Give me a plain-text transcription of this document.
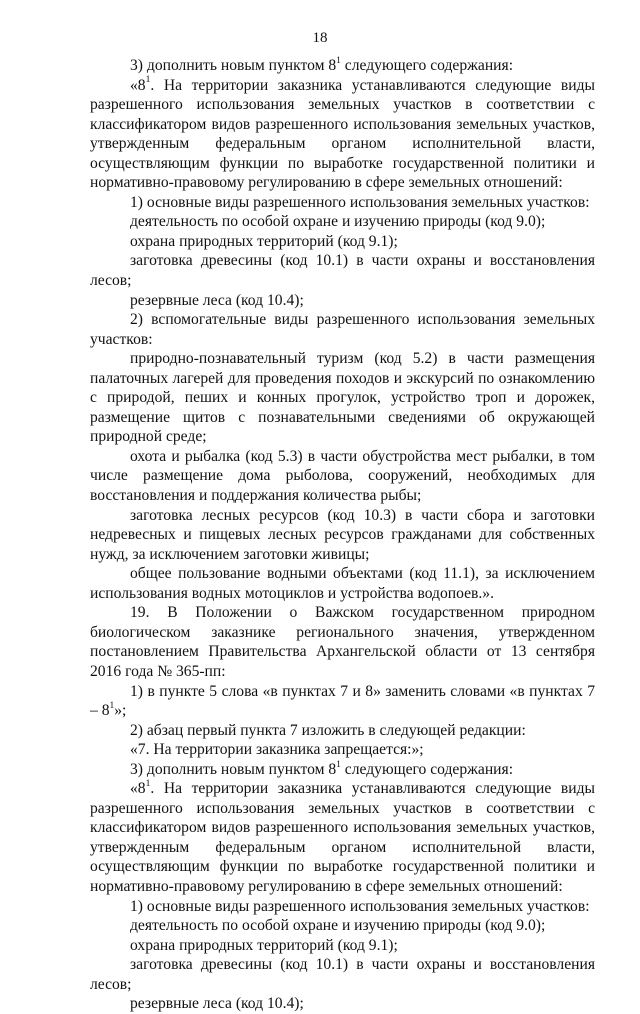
18

3) дополнить новым пунктом $8^1$ следующего содержания:

«$8^1$. На территории заказника устанавливаются следующие виды разрешенного использования земельных участков в соответствии с классификатором видов разрешенного использования земельных участков, утвержденным федеральным органом исполнительной власти, осуществляющим функции по выработке государственной политики и нормативно-правовому регулированию в сфере земельных отношений:

1) основные виды разрешенного использования земельных участков:

деятельность по особой охране и изучению природы (код 9.0);

охрана природных территорий (код 9.1);

заготовка древесины (код 10.1) в части охраны и восстановления лесов;

резервные леса (код 10.4);

2) вспомогательные виды разрешенного использования земельных участков:

природно-познавательный туризм (код 5.2) в части размещения палаточных лагерей для проведения походов и экскурсий по ознакомлению с природой, пеших и конных прогулок, устройство троп и дорожек, размещение щитов с познавательными сведениями об окружающей природной среде;

охота и рыбалка (код 5.3) в части обустройства мест рыбалки, в том числе размещение дома рыболова, сооружений, необходимых для восстановления и поддержания количества рыбы;

заготовка лесных ресурсов (код 10.3) в части сбора и заготовки недревесных и пищевых лесных ресурсов гражданами для собственных нужд, за исключением заготовки живицы;

общее пользование водными объектами (код 11.1), за исключением использования водных мотоциклов и устройства водопоев.».

19. В Положении о Важском государственном природном биологическом заказнике регионального значения, утвержденном постановлением Правительства Архангельской области от 13 сентября 2016 года № 365-пп:

1) в пункте 5 слова «в пунктах 7 и 8» заменить словами «в пунктах $7 - 8^1$»;

2) абзац первый пункта 7 изложить в следующей редакции:

«7. На территории заказника запрещается:»;

3) дополнить новым пунктом $8^1$ следующего содержания:

«$8^1$. На территории заказника устанавливаются следующие виды разрешенного использования земельных участков в соответствии с классификатором видов разрешенного использования земельных участков, утвержденным федеральным органом исполнительной власти, осуществляющим функции по выработке государственной политики и нормативно-правовому регулированию в сфере земельных отношений:

1) основные виды разрешенного использования земельных участков:

деятельность по особой охране и изучению природы (код 9.0);

охрана природных территорий (код 9.1);

заготовка древесины (код 10.1) в части охраны и восстановления лесов;

резервные леса (код 10.4);
